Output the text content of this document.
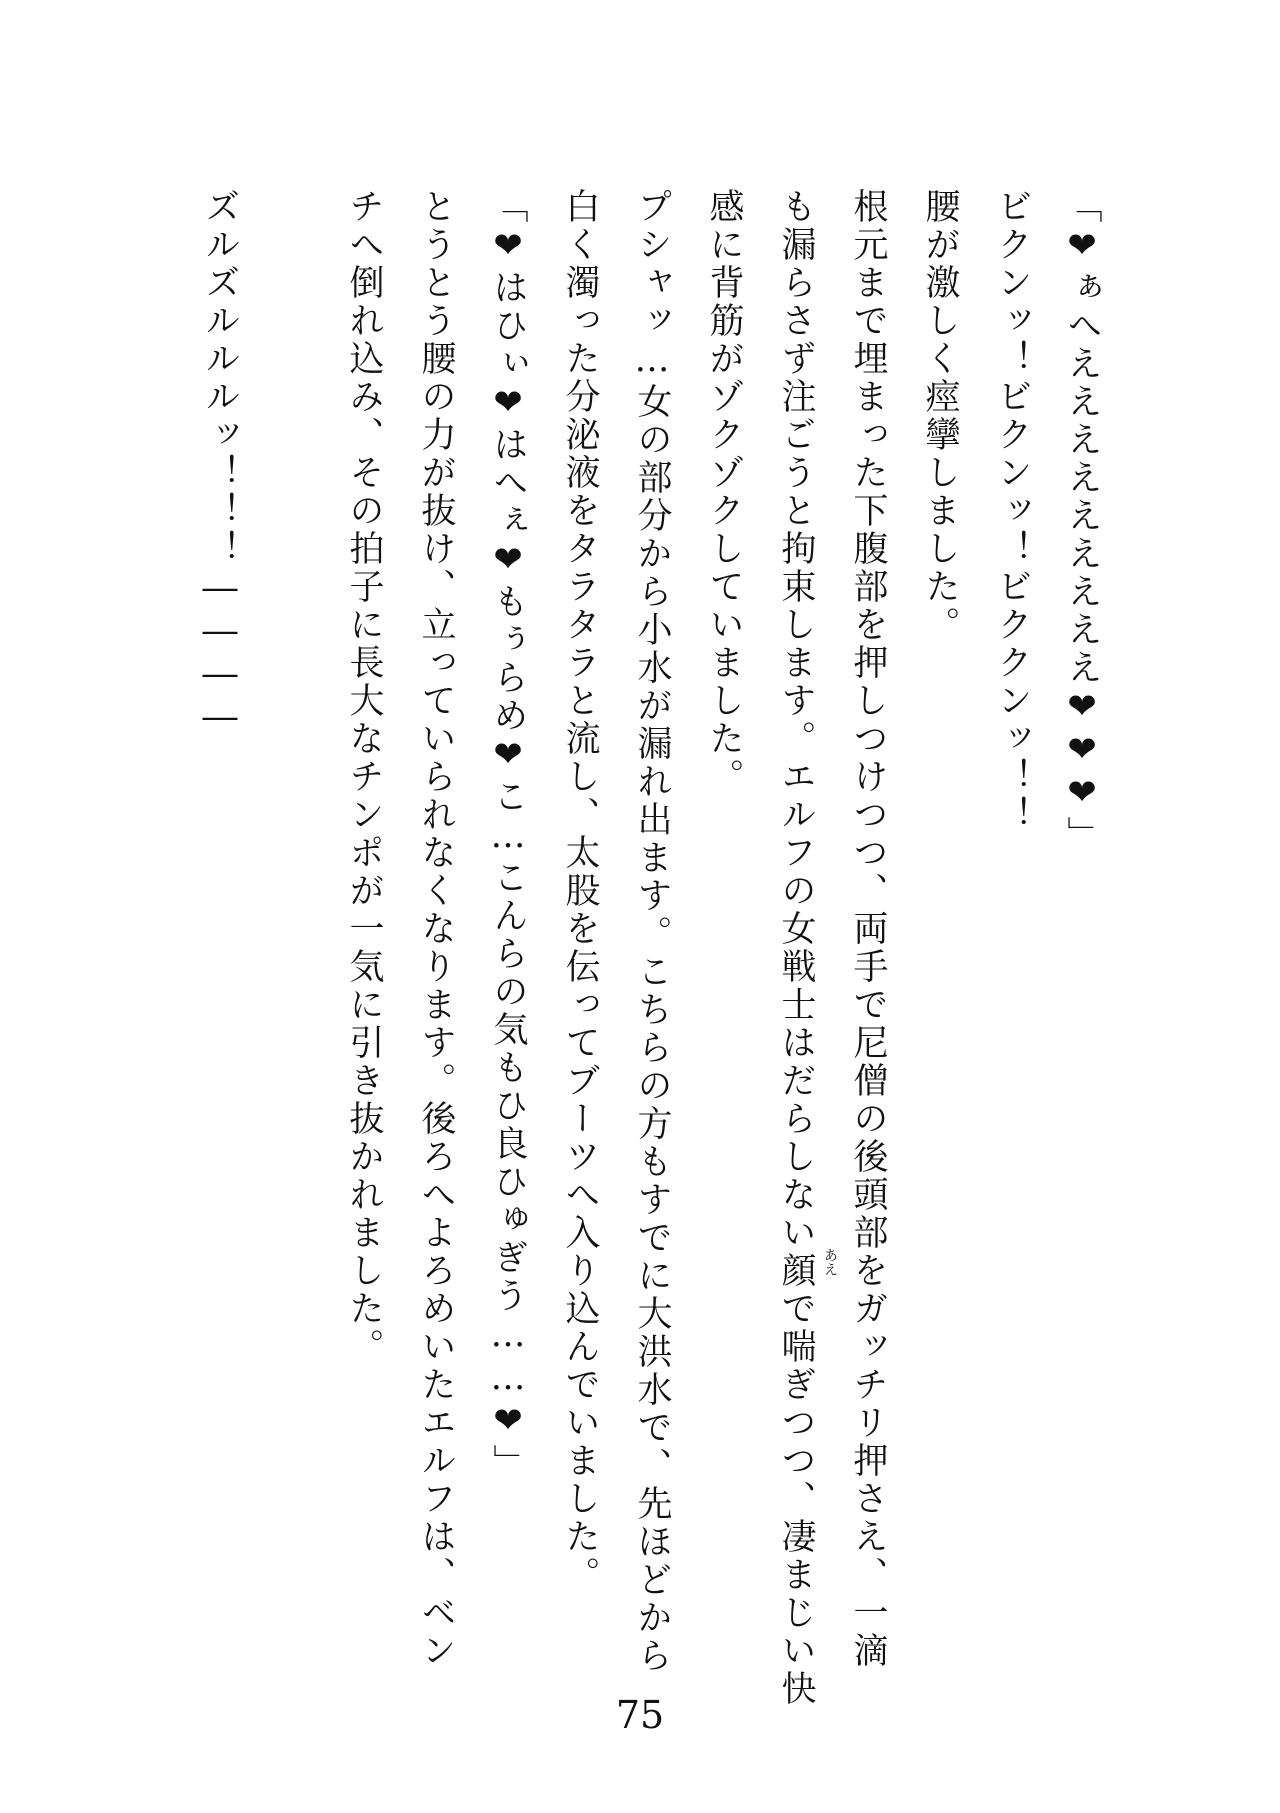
「❤ぁへえええええええええ❤❤❤」
ビクンッ！ビクンッ！ビククンッ！！
腰が激しく痙攣しました。
根元まで埋まった下腹部を押しつけつつ、両手で尼僧の後頭部をガッチリ押さえ、一滴
も漏らさず注ごうと拘束します。エルフの女戦士はだらしない顔で喘ぎつつ、凄まじい快
感に背筋がゾクゾクしていました。
プシャッ…女の部分から小水が漏れ出ます。こちらの方もすでに大洪水で、先ほどから
白く濁った分泌液をタラタラと流し、太股を伝ってブーツへ入り込んでいました。
「❤はひぃ❤はへぇ❤もぅらめ❤こ…こんらの気もひ良ひゅぎう……❤」
とうとう腰の力が抜け、立っていられなくなります。後ろへよろめいたエルフは、ベン
チへ倒れ込み、その拍子に長大なチンポが一気に引き抜かれました。
ズルズルルルッ！！！――――
あえ
75
